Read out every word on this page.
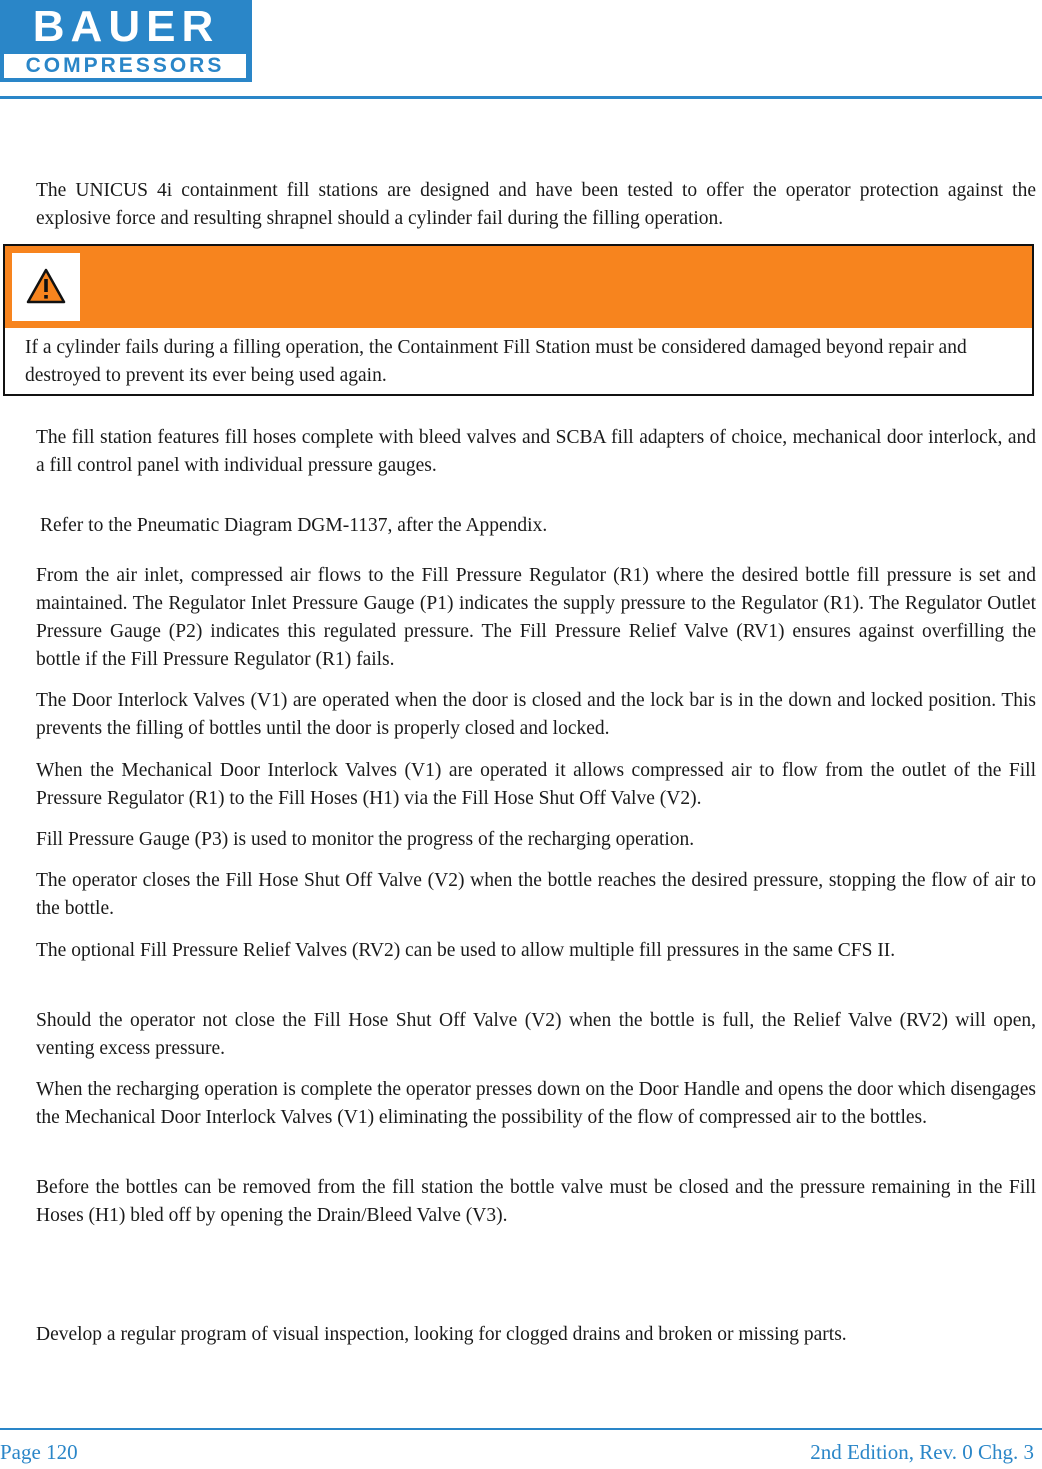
BAUER
COMPRESSORS

The UNICUS 4i containment fill stations are designed and have been tested to offer the operator protection against the explosive force and resulting shrapnel should a cylinder fail during the filling operation.

If a cylinder fails during a filling operation, the Containment Fill Station must be considered damaged beyond repair and destroyed to prevent its ever being used again.

The fill station features fill hoses complete with bleed valves and SCBA fill adapters of choice, mechanical door interlock, and a fill control panel with individual pressure gauges.

Refer to the Pneumatic Diagram DGM-1137, after the Appendix.

From the air inlet, compressed air flows to the Fill Pressure Regulator (R1) where the desired bottle fill pressure is set and maintained. The Regulator Inlet Pressure Gauge (P1) indicates the supply pressure to the Regulator (R1). The Regulator Outlet Pressure Gauge (P2) indicates this regulated pressure. The Fill Pressure Relief Valve (RV1) ensures against overfilling the bottle if the Fill Pressure Regulator (R1) fails.

The Door Interlock Valves (V1) are operated when the door is closed and the lock bar is in the down and locked position. This prevents the filling of bottles until the door is properly closed and locked.

When the Mechanical Door Interlock Valves (V1) are operated it allows compressed air to flow from the outlet of the Fill Pressure Regulator (R1) to the Fill Hoses (H1) via the Fill Hose Shut Off Valve (V2).

Fill Pressure Gauge (P3) is used to monitor the progress of the recharging operation.

The operator closes the Fill Hose Shut Off Valve (V2) when the bottle reaches the desired pressure, stopping the flow of air to the bottle.

The optional Fill Pressure Relief Valves (RV2) can be used to allow multiple fill pressures in the same CFS II.

Should the operator not close the Fill Hose Shut Off Valve (V2) when the bottle is full, the Relief Valve (RV2) will open, venting excess pressure.

When the recharging operation is complete the operator presses down on the Door Handle and opens the door which disengages the Mechanical Door Interlock Valves (V1) eliminating the possibility of the flow of compressed air to the bottles.

Before the bottles can be removed from the fill station the bottle valve must be closed and the pressure remaining in the Fill Hoses (H1) bled off by opening the Drain/Bleed Valve (V3).

Develop a regular program of visual inspection, looking for clogged drains and broken or missing parts.

Page 120	2nd Edition, Rev. 0 Chg. 3
